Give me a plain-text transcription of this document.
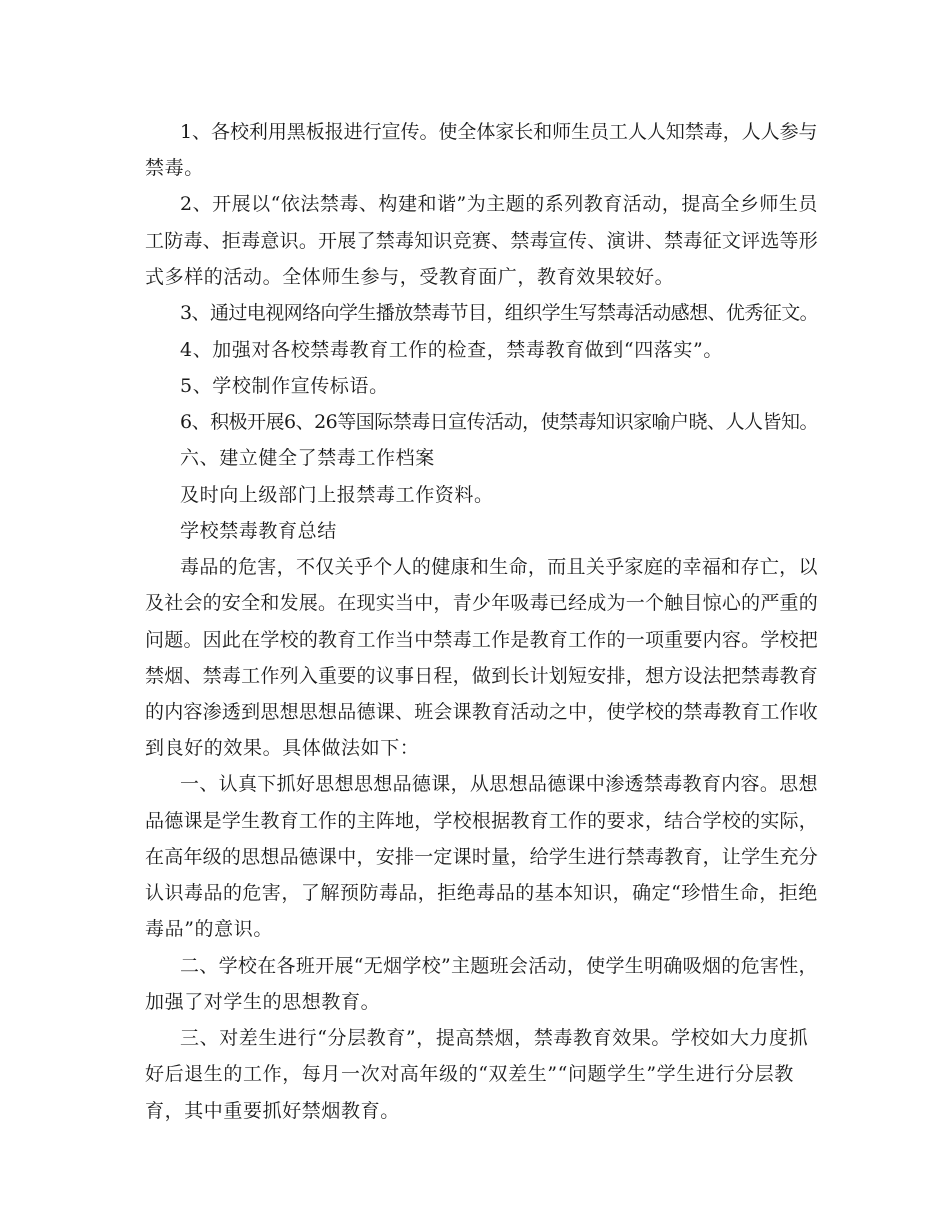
1、各校利用黑板报进行宣传。使全体家长和师生员工人人知禁毒，人人参与

禁毒。

2、开展以“依法禁毒、构建和谐”为主题的系列教育活动，提高全乡师生员

工防毒、拒毒意识。开展了禁毒知识竞赛、禁毒宣传、演讲、禁毒征文评选等形

式多样的活动。全体师生参与，受教育面广，教育效果较好。

3、通过电视网络向学生播放禁毒节目，组织学生写禁毒活动感想、优秀征文。

4、加强对各校禁毒教育工作的检查，禁毒教育做到“四落实”。

5、学校制作宣传标语。

6、积极开展6、26等国际禁毒日宣传活动，使禁毒知识家喻户晓、人人皆知。

六、建立健全了禁毒工作档案

及时向上级部门上报禁毒工作资料。

学校禁毒教育总结

毒品的危害，不仅关乎个人的健康和生命，而且关乎家庭的幸福和存亡，以

及社会的安全和发展。在现实当中，青少年吸毒已经成为一个触目惊心的严重的

问题。因此在学校的教育工作当中禁毒工作是教育工作的一项重要内容。学校把

禁烟、禁毒工作列入重要的议事日程，做到长计划短安排，想方设法把禁毒教育

的内容渗透到思想思想品德课、班会课教育活动之中，使学校的禁毒教育工作收

到良好的效果。具体做法如下：

一、认真下抓好思想思想品德课，从思想品德课中渗透禁毒教育内容。思想

品德课是学生教育工作的主阵地，学校根据教育工作的要求，结合学校的实际，

在高年级的思想品德课中，安排一定课时量，给学生进行禁毒教育，让学生充分

认识毒品的危害，了解预防毒品，拒绝毒品的基本知识，确定“珍惜生命，拒绝

毒品”的意识。

二、学校在各班开展“无烟学校”主题班会活动，使学生明确吸烟的危害性，

加强了对学生的思想教育。

三、对差生进行“分层教育”，提高禁烟，禁毒教育效果。学校如大力度抓

好后退生的工作，每月一次对高年级的“双差生”“问题学生”学生进行分层教

育，其中重要抓好禁烟教育。
